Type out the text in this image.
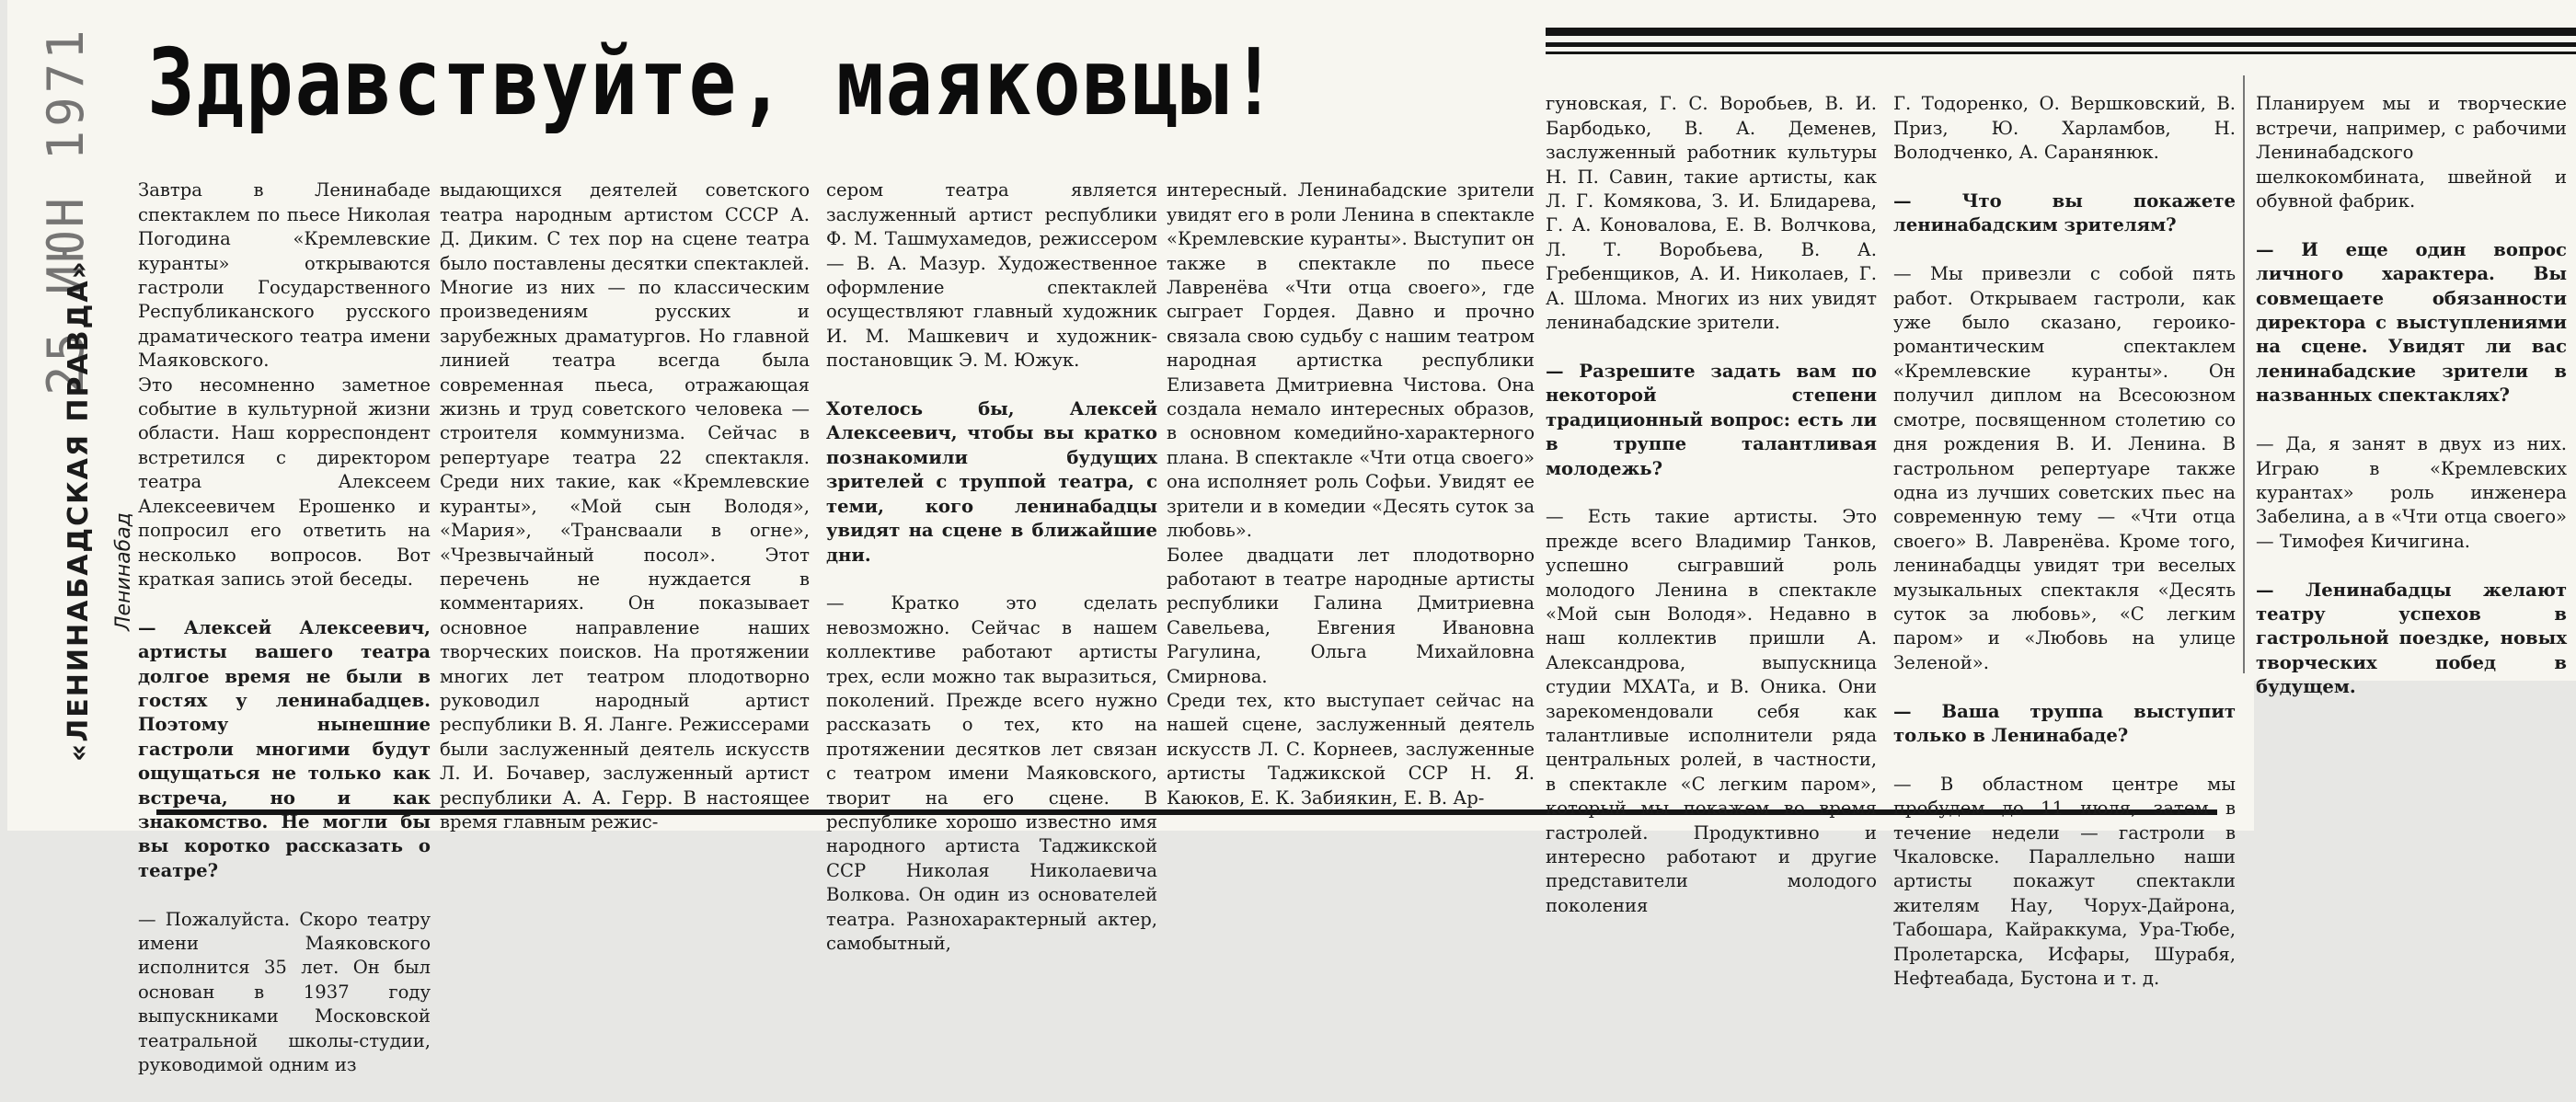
25 ИЮН 1971
«ЛЕНИНАБАДСКАЯ ПРАВДА» Ленинабад
Здравствуйте, маяковцы!

Завтра в Ленинабаде спектаклем по пьесе Николая Погодина «Кремлевские куранты» открываются гастроли Государственного Республиканского русского драматического театра имени Маяковского.
Это несомненно заметное событие в культурной жизни области. Наш корреспондент встретился с директором театра Алексеем Алексеевичем Ерошенко и попросил его ответить на несколько вопросов. Вот краткая запись этой беседы.

— Алексей Алексеевич, артисты вашего театра долгое время не были в гостях у ленинабадцев. Поэтому нынешние гастроли многими будут ощущаться не только как встреча, но и как знакомство. Не могли бы вы коротко рассказать о театре?

— Пожалуйста. Скоро театру имени Маяковского исполнится 35 лет. Он был основан в 1937 году выпускниками Московской театральной школы-студии, руководимой одним из

выдающихся деятелей советского театра народным артистом СССР А. Д. Диким. С тех пор на сцене театра было поставлены десятки спектаклей. Многие из них — по классическим произведениям русских и зарубежных драматургов. Но главной линией театра всегда была современная пьеса, отражающая жизнь и труд советского человека — строителя коммунизма. Сейчас в репертуаре театра 22 спектакля. Среди них такие, как «Кремлевские куранты», «Мой сын Володя», «Мария», «Трансваали в огне», «Чрезвычайный посол». Этот перечень не нуждается в комментариях. Он показывает основное направление наших творческих поисков. На протяжении многих лет театром плодотворно руководил народный артист республики В. Я. Ланге. Режиссерами были заслуженный деятель искусств Л. И. Бочавер, заслуженный артист республики А. А. Герр. В настоящее время главным режис-

сером театра является заслуженный артист республики Ф. М. Ташмухамедов, режиссером — В. А. Мазур. Художественное оформление спектаклей осуществляют главный художник И. М. Машкевич и художник-постановщик Э. М. Южук.

Хотелось бы, Алексей Алексеевич, чтобы вы кратко познакомили будущих зрителей с труппой театра, с теми, кого ленинабадцы увидят на сцене в ближайшие дни.

— Кратко это сделать невозможно. Сейчас в нашем коллективе работают артисты трех, если можно так выразиться, поколений. Прежде всего нужно рассказать о тех, кто на протяжении десятков лет связан с театром имени Маяковского, творит на его сцене. В республике хорошо известно имя народного артиста Таджикской ССР Николая Николаевича Волкова. Он один из основателей театра. Разнохарактерный актер, самобытный,

интересный. Ленинабадские зрители увидят его в роли Ленина в спектакле «Кремлевские куранты». Выступит он также в спектакле по пьесе Лавренёва «Чти отца своего», где сыграет Гордея. Давно и прочно связала свою судьбу с нашим театром народная артистка республики Елизавета Дмитриевна Чистова. Она создала немало интересных образов, в основном комедийно-характерного плана. В спектакле «Чти отца своего» она исполняет роль Софьи. Увидят ее зрители и в комедии «Десять суток за любовь».
Более двадцати лет плодотворно работают в театре народные артисты республики Галина Дмитриевна Савельева, Евгения Ивановна Рагулина, Ольга Михайловна Смирнова.
Среди тех, кто выступает сейчас на нашей сцене, заслуженный деятель искусств Л. С. Корнеев, заслуженные артисты Таджикской ССР Н. Я. Каюков, Е. К. Забиякин, Е. В. Ар-

гуновская, Г. С. Воробьев, В. И. Барбодько, В. А. Деменев, заслуженный работник культуры Н. П. Савин, такие артисты, как Л. Г. Комякова, З. И. Блидарева, Г. А. Коновалова, Е. В. Волчкова, Л. Т. Воробьева, В. А. Гребенщиков, А. И. Николаев, Г. А. Шлома. Многих из них увидят ленинабадские зрители.

— Разрешите задать вам по некоторой степени традиционный вопрос: есть ли в труппе талантливая молодежь?

— Есть такие артисты. Это прежде всего Владимир Танков, успешно сыгравший роль молодого Ленина в спектакле «Мой сын Володя». Недавно в наш коллектив пришли А. Александрова, выпускница студии МХАТа, и В. Оника. Они зарекомендовали себя как талантливые исполнители ряда центральных ролей, в частности, в спектакле «С легким паром», который мы покажем во время гастролей. Продуктивно и интересно работают и другие представители молодого поколения

Г. Тодоренко, О. Вершковский, В. Приз, Ю. Харламбов, Н. Володченко, А. Саранянюк.

— Что вы покажете ленинабадским зрителям?

— Мы привезли с собой пять работ. Открываем гастроли, как уже было сказано, героико-романтическим спектаклем «Кремлевские куранты». Он получил диплом на Всесоюзном смотре, посвященном столетию со дня рождения В. И. Ленина. В гастрольном репертуаре также одна из лучших советских пьес на современную тему — «Чти отца своего» В. Лавренёва. Кроме того, ленинабадцы увидят три веселых музыкальных спектакля «Десять суток за любовь», «С легким паром» и «Любовь на улице Зеленой».

— Ваша труппа выступит только в Ленинабаде?

— В областном центре мы пробудем до 11 июля, затем в течение недели — гастроли в Чкаловске. Параллельно наши артисты покажут спектакли жителям Нау, Чорух-Дайрона, Табошара, Кайраккума, Ура-Тюбе, Пролетарска, Исфары, Шурабя, Нефтеабада, Бустона и т. д.

Планируем мы и творческие встречи, например, с рабочими Ленинабадского шелкокомбината, швейной и обувной фабрик.

— И еще один вопрос личного характера. Вы совмещаете обязанности директора с выступлениями на сцене. Увидят ли вас ленинабадские зрители в названных спектаклях?

— Да, я занят в двух из них. Играю в «Кремлевских курантах» роль инженера Забелина, а в «Чти отца своего» — Тимофея Кичигина.

— Ленинабадцы желают театру успехов в гастрольной поездке, новых творческих побед в будущем.
